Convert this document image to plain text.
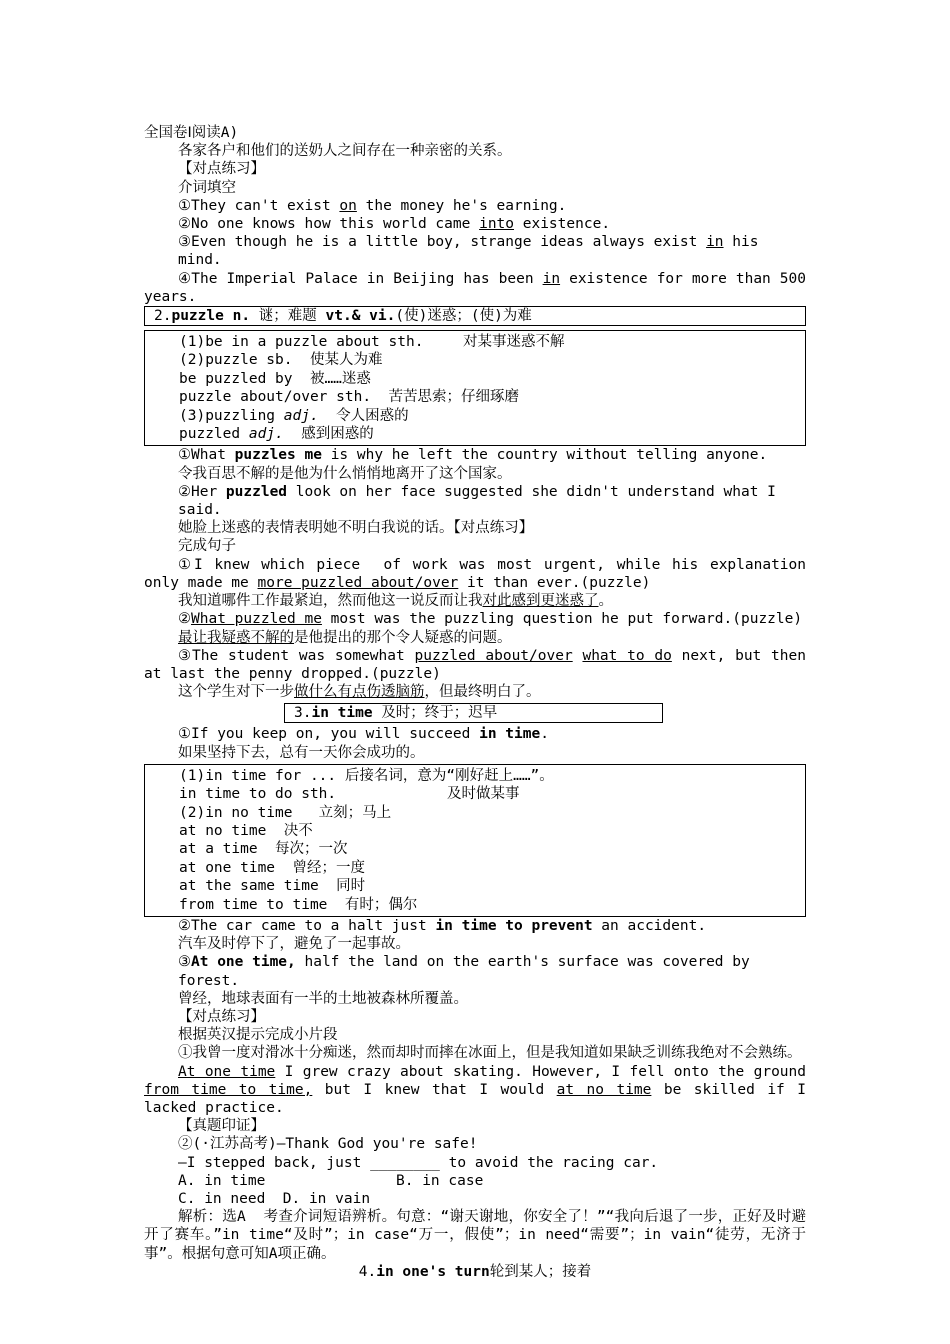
全国卷Ⅰ阅读A)
各家各户和他们的送奶人之间存在一种亲密的关系。
【对点练习】
介词填空
①They can't exist on the money he's earning.
②No one knows how this world came into existence.
③Even though he is a little boy, strange ideas always exist in his mind.
④The Imperial Palace in Beijing has been in existence for more than 500 years.
2.puzzle n. 谜；难题 vt.& vi.(使)迷惑；(使)为难
(1)be in a puzzle about sth.	对某事迷惑不解
(2)puzzle sb.  使某人为难
be puzzled by  被……迷惑
puzzle about/over sth.  苦苦思索；仔细琢磨
(3)puzzling adj.  令人困惑的
puzzled adj.  感到困惑的
①What puzzles me is why he left the country without telling anyone.
令我百思不解的是他为什么悄悄地离开了这个国家。
②Her puzzled look on her face suggested she didn't understand what I said.
她脸上迷惑的表情表明她不明白我说的话。【对点练习】
完成句子
①I knew which piece  of work was most urgent, while his explanation only made me more puzzled about/over it than ever.(puzzle)
我知道哪件工作最紧迫，然而他这一说反而让我对此感到更迷惑了。
②What puzzled me most was the puzzling question he put forward.(puzzle)
最让我疑惑不解的是他提出的那个令人疑惑的问题。
③The student was somewhat puzzled about/over what to do next, but then at last the penny dropped.(puzzle)
这个学生对下一步做什么有点伤透脑筋，但最终明白了。
3.in time 及时；终于；迟早
①If you keep on, you will succeed in time.
如果坚持下去，总有一天你会成功的。
(1)in time for ... 后接名词，意为“刚好赶上……”。
in time to do sth.	及时做某事
(2)in no time   立刻；马上
at no time  决不
at a time  每次；一次
at one time  曾经；一度
at the same time  同时
from time to time  有时；偶尔
②The car came to a halt just in time to prevent an accident.
汽车及时停下了，避免了一起事故。
③At one time, half the land on the earth's surface was covered by forest.
曾经，地球表面有一半的土地被森林所覆盖。
【对点练习】
根据英汉提示完成小片段
①我曾一度对滑冰十分痴迷，然而却时而摔在冰面上，但是我知道如果缺乏训练我绝对不会熟练。
At one time I grew crazy about skating. However, I fell onto the ground from time to time, but I knew that I would at no time be skilled if I lacked practice.
【真题印证】
②(·江苏高考)—Thank God you're safe!
—I stepped back, just ________ to avoid the racing car.
A. in time	B. in case
C. in need  D. in vain
解析：选A  考查介词短语辨析。句意：“谢天谢地，你安全了！”“我向后退了一步，正好及时避开了赛车。”in time“及时”；in case“万一，假使”；in need“需要”；in vain“徒劳，无济于事”。根据句意可知A项正确。
4.in one's turn轮到某人；接着
